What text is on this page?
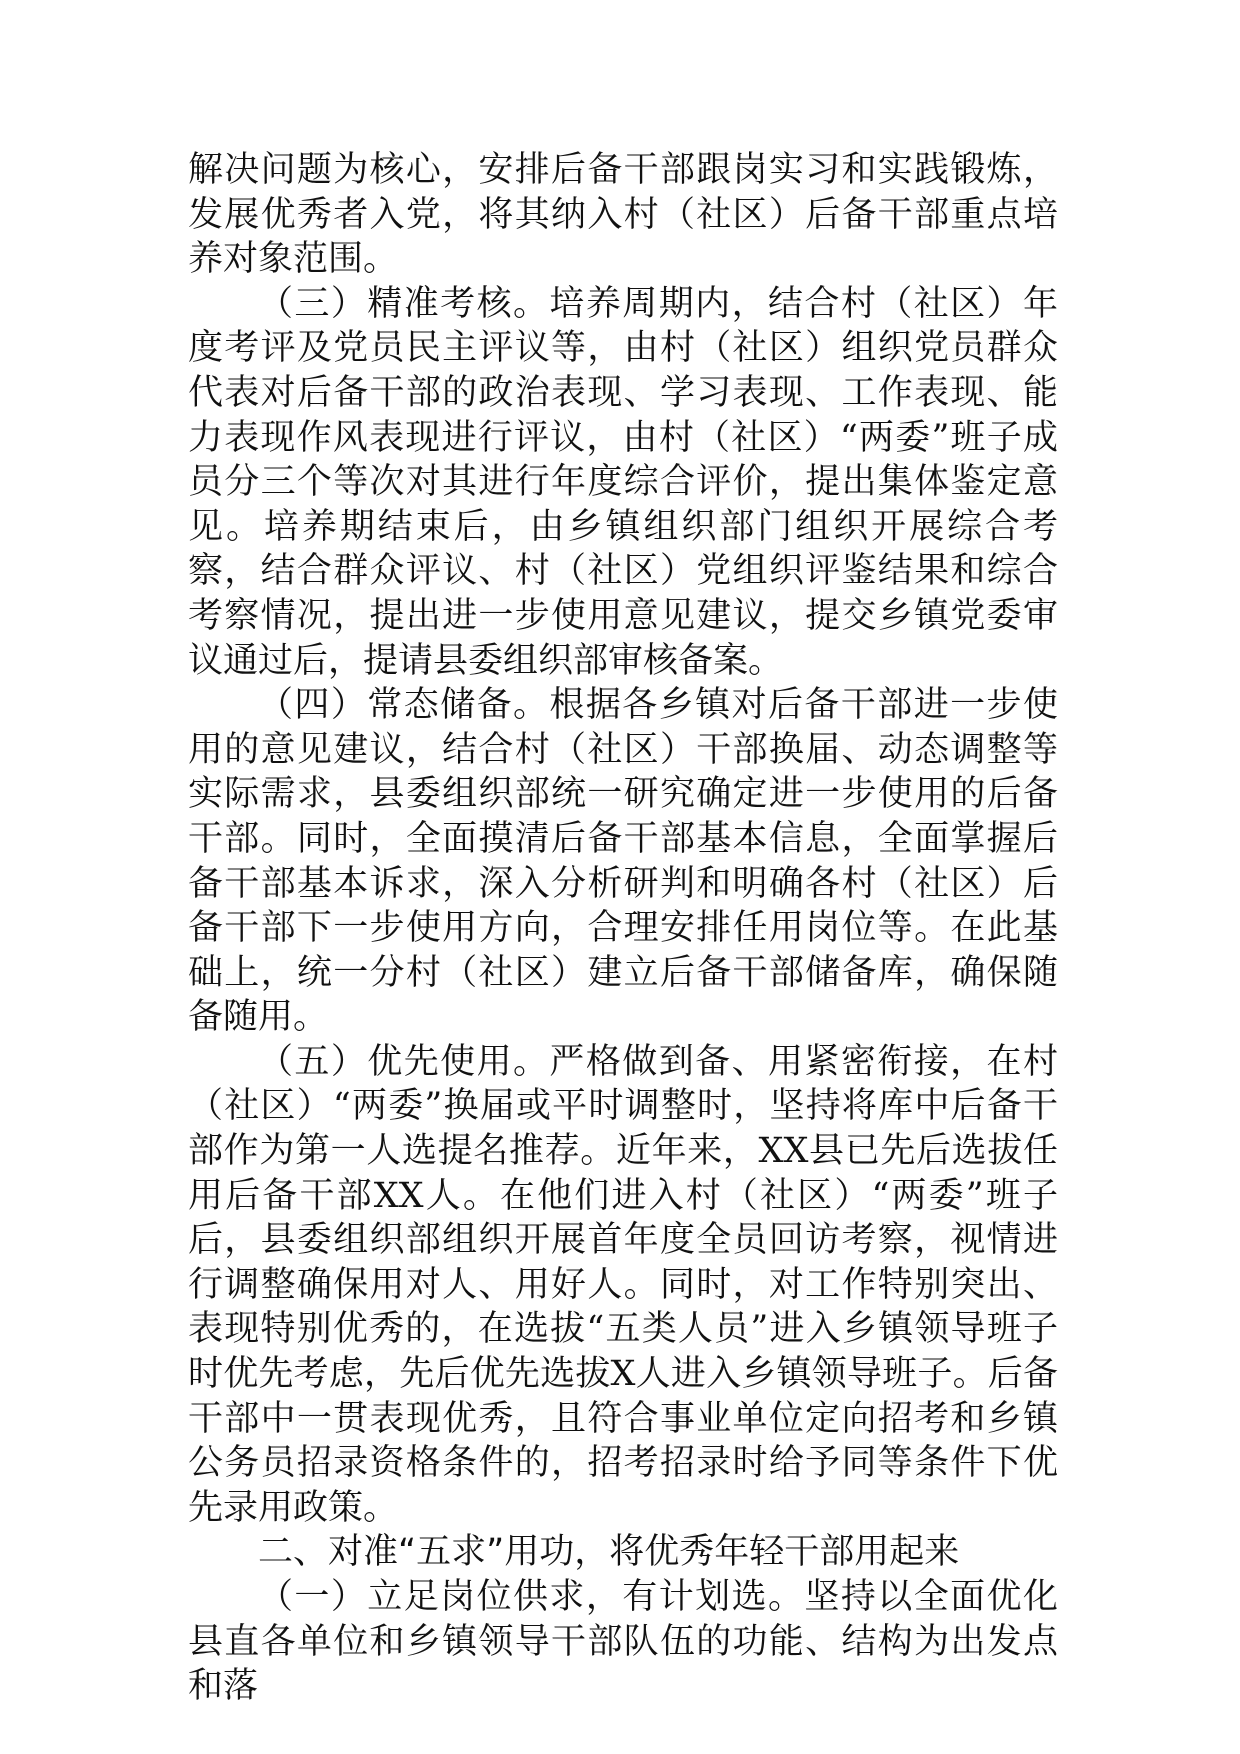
解决问题为核心，安排后备干部跟岗实习和实践锻炼，发展优秀者入党，将其纳入村（社区）后备干部重点培养对象范围。

（三）精准考核。培养周期内，结合村（社区）年度考评及党员民主评议等，由村（社区）组织党员群众代表对后备干部的政治表现、学习表现、工作表现、能力表现作风表现进行评议，由村（社区）“两委”班子成员分三个等次对其进行年度综合评价，提出集体鉴定意见。培养期结束后，由乡镇组织部门组织开展综合考察，结合群众评议、村（社区）党组织评鉴结果和综合考察情况，提出进一步使用意见建议，提交乡镇党委审议通过后，提请县委组织部审核备案。

（四）常态储备。根据各乡镇对后备干部进一步使用的意见建议，结合村（社区）干部换届、动态调整等实际需求，县委组织部统一研究确定进一步使用的后备干部。同时，全面摸清后备干部基本信息，全面掌握后备干部基本诉求，深入分析研判和明确各村（社区）后备干部下一步使用方向，合理安排任用岗位等。在此基础上，统一分村（社区）建立后备干部储备库，确保随备随用。

（五）优先使用。严格做到备、用紧密衔接，在村（社区）“两委”换届或平时调整时，坚持将库中后备干部作为第一人选提名推荐。近年来，XX县已先后选拔任用后备干部XX人。在他们进入村（社区）“两委”班子后，县委组织部组织开展首年度全员回访考察，视情进行调整确保用对人、用好人。同时，对工作特别突出、表现特别优秀的，在选拔“五类人员”进入乡镇领导班子时优先考虑，先后优先选拔X人进入乡镇领导班子。后备干部中一贯表现优秀，且符合事业单位定向招考和乡镇公务员招录资格条件的，招考招录时给予同等条件下优先录用政策。

二、对准“五求”用功，将优秀年轻干部用起来

（一）立足岗位供求，有计划选。坚持以全面优化县直各单位和乡镇领导干部队伍的功能、结构为出发点和落
